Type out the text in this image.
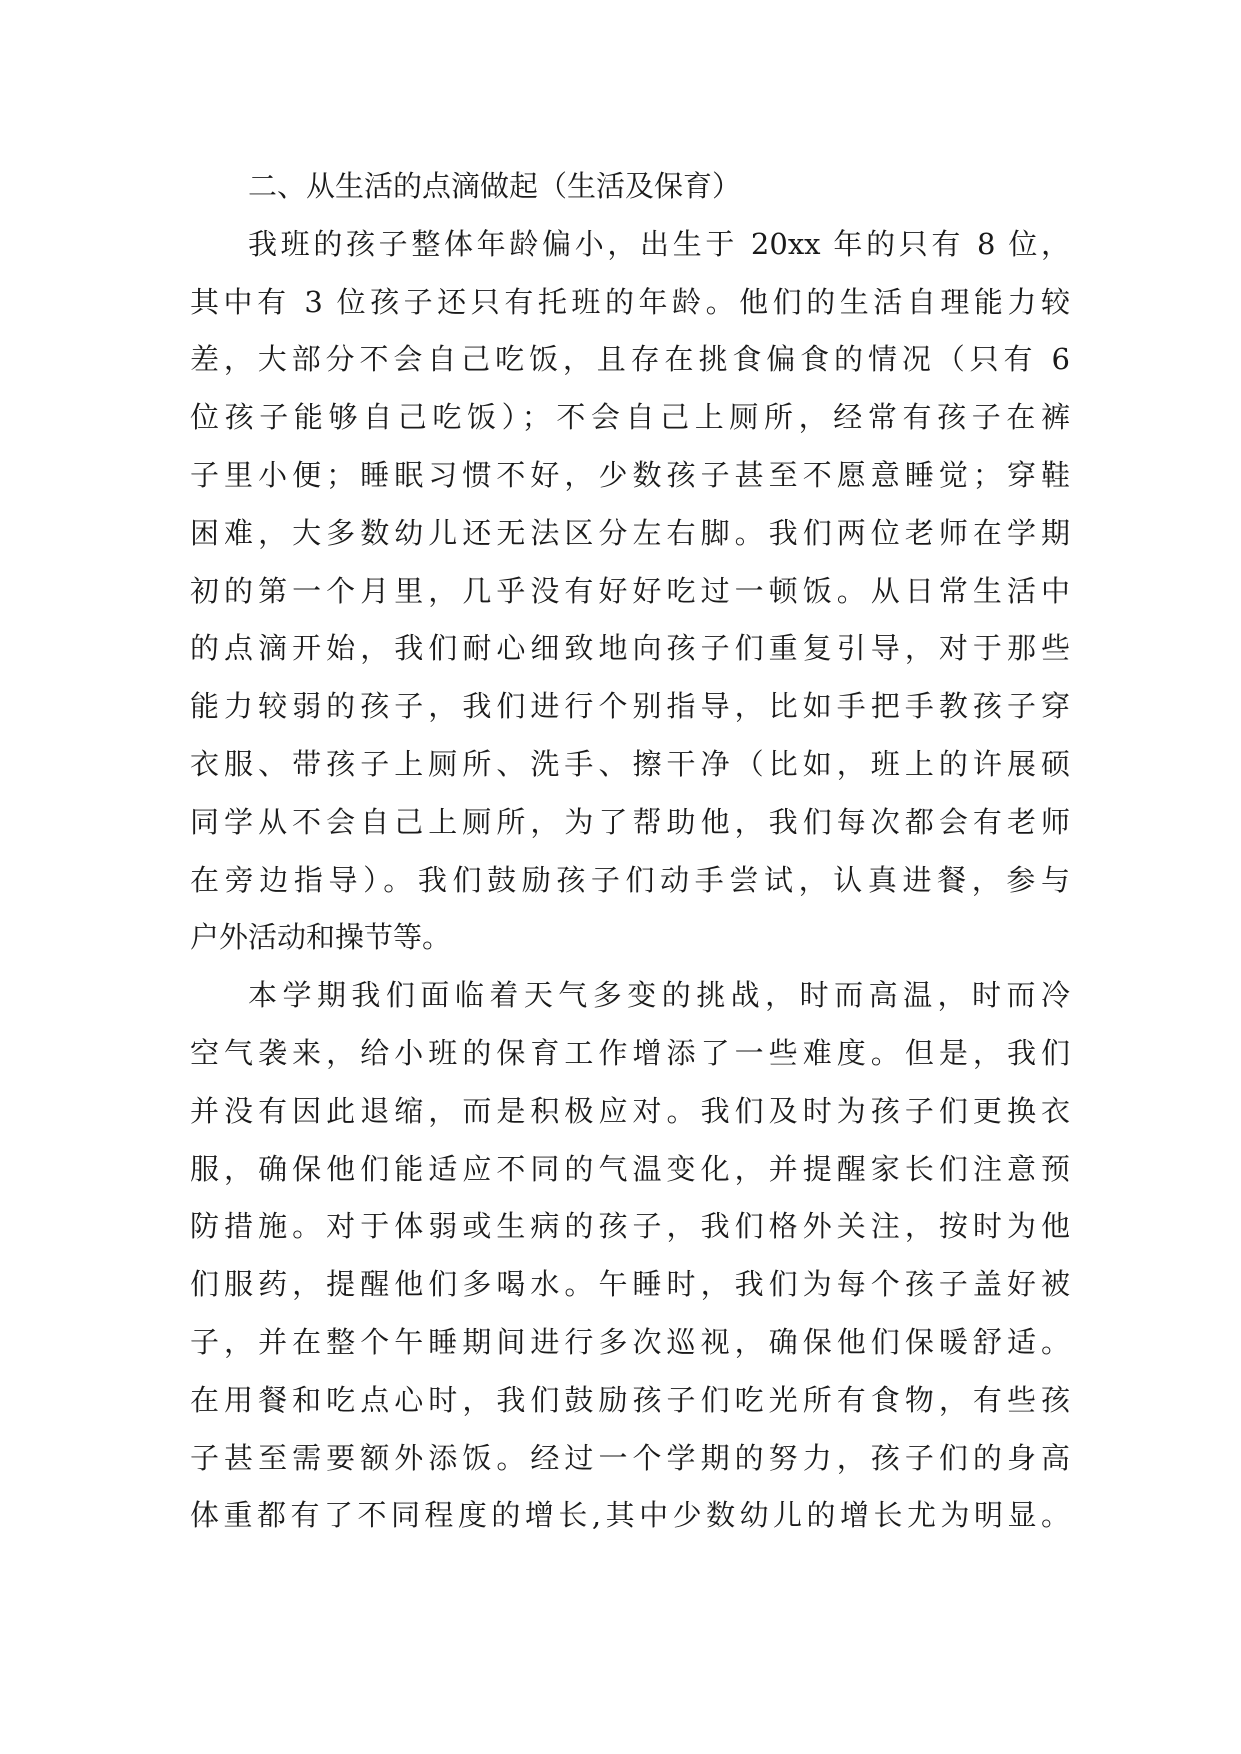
二、从生活的点滴做起（生活及保育）
我班的孩子整体年龄偏小，出生于 20xx 年的只有 8 位，
其中有 3 位孩子还只有托班的年龄。他们的生活自理能力较
差，大部分不会自己吃饭，且存在挑食偏食的情况（只有 6
位孩子能够自己吃饭）；不会自己上厕所，经常有孩子在裤
子里小便；睡眠习惯不好，少数孩子甚至不愿意睡觉；穿鞋
困难，大多数幼儿还无法区分左右脚。我们两位老师在学期
初的第一个月里，几乎没有好好吃过一顿饭。从日常生活中
的点滴开始，我们耐心细致地向孩子们重复引导，对于那些
能力较弱的孩子，我们进行个别指导，比如手把手教孩子穿
衣服、带孩子上厕所、洗手、擦干净（比如，班上的许展硕
同学从不会自己上厕所，为了帮助他，我们每次都会有老师
在旁边指导）。我们鼓励孩子们动手尝试，认真进餐，参与
户外活动和操节等。
本学期我们面临着天气多变的挑战，时而高温，时而冷
空气袭来，给小班的保育工作增添了一些难度。但是，我们
并没有因此退缩，而是积极应对。我们及时为孩子们更换衣
服，确保他们能适应不同的气温变化，并提醒家长们注意预
防措施。对于体弱或生病的孩子，我们格外关注，按时为他
们服药，提醒他们多喝水。午睡时，我们为每个孩子盖好被
子，并在整个午睡期间进行多次巡视，确保他们保暖舒适。
在用餐和吃点心时，我们鼓励孩子们吃光所有食物，有些孩
子甚至需要额外添饭。经过一个学期的努力，孩子们的身高
体重都有了不同程度的增长,其中少数幼儿的增长尤为明显。
